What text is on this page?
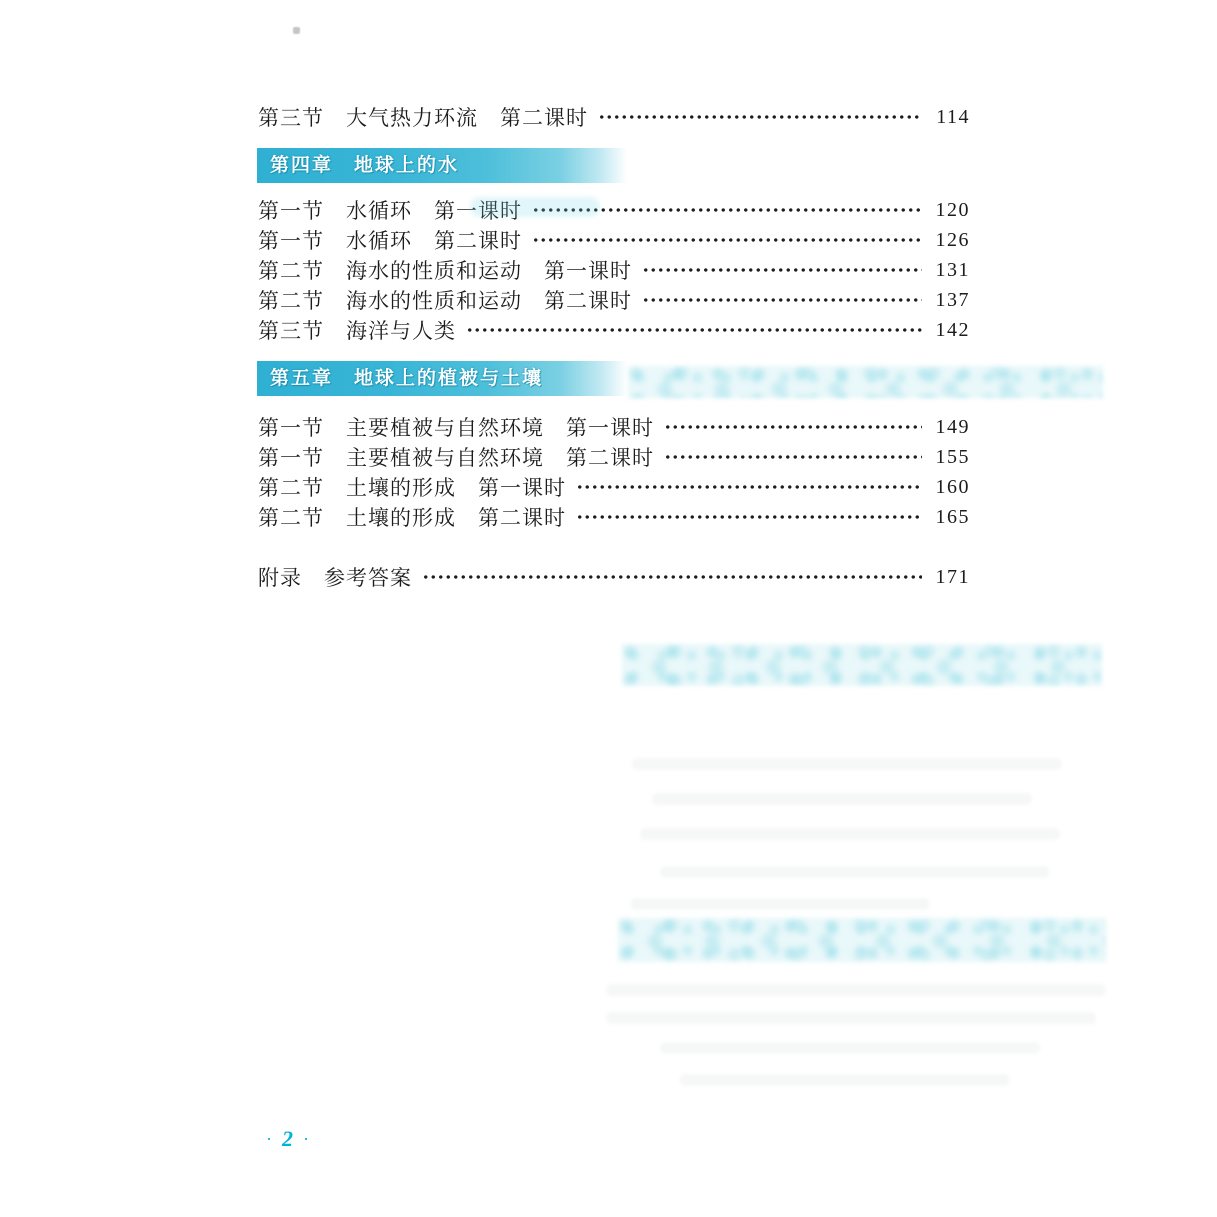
第四章　地球上的水
第五章　地球上的植被与土壤
第三节 大气热力环流 第二课时	114
第一节 水循环 第一课时	120
第一节 水循环 第二课时	126
第二节 海水的性质和运动 第一课时	131
第二节 海水的性质和运动 第二课时	137
第三节 海洋与人类	142
第一节 主要植被与自然环境 第一课时	149
第一节 主要植被与自然环境 第二课时	155
第二节 土壤的形成 第一课时	160
第二节 土壤的形成 第二课时	165
附录 参考答案	171
· 2 ·
